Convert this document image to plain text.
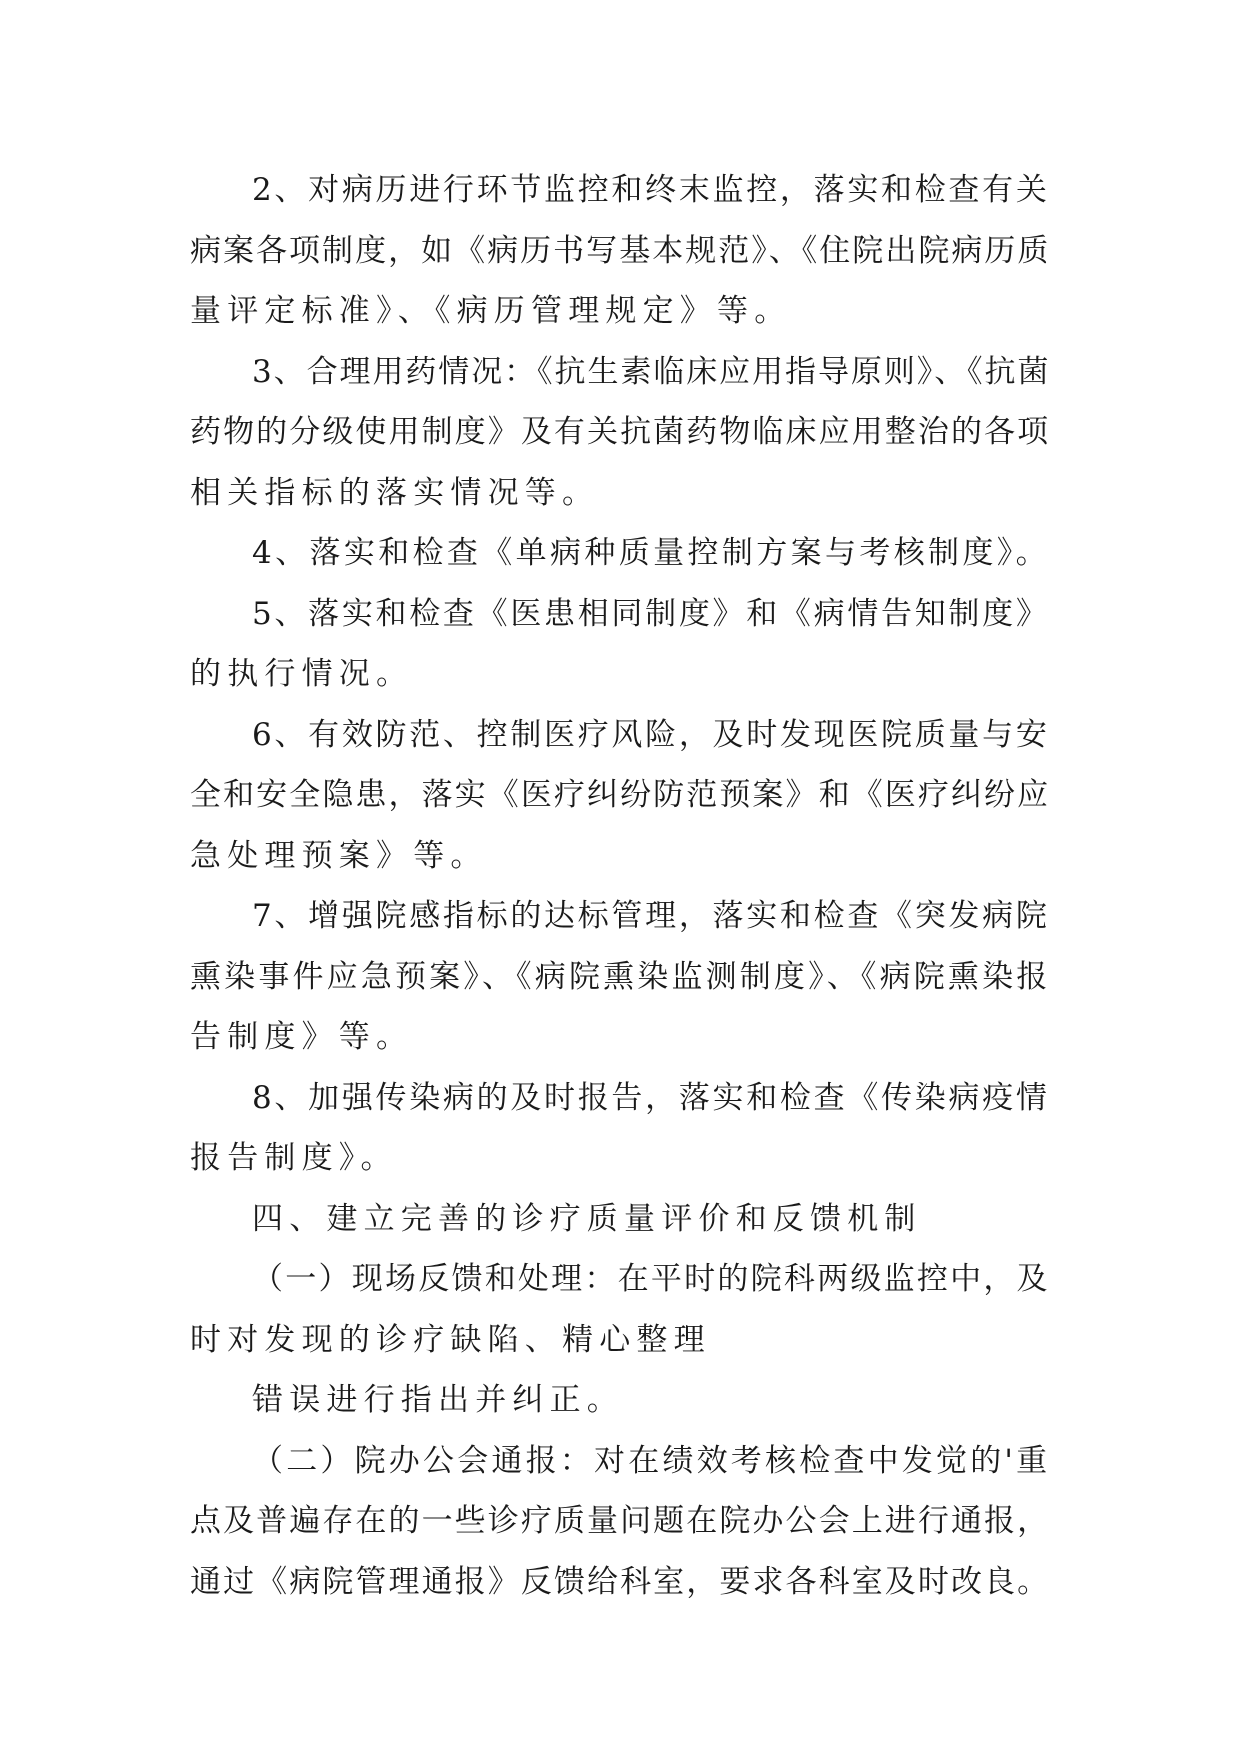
2、对病历进行环节监控和终末监控，落实和检查有关
病案各项制度，如《病历书写基本规范》、《住院出院病历质
量评定标准》、《病历管理规定》等。
3、合理用药情况：《抗生素临床应用指导原则》、《抗菌
药物的分级使用制度》及有关抗菌药物临床应用整治的各项
相关指标的落实情况等。
4、落实和检查《单病种质量控制方案与考核制度》。
5、落实和检查《医患相同制度》和《病情告知制度》
的执行情况。
6、有效防范、控制医疗风险，及时发现医院质量与安
全和安全隐患，落实《医疗纠纷防范预案》和《医疗纠纷应
急处理预案》等。
7、增强院感指标的达标管理，落实和检查《突发病院
熏染事件应急预案》、《病院熏染监测制度》、《病院熏染报
告制度》等。
8、加强传染病的及时报告，落实和检查《传染病疫情
报告制度》。
四、建立完善的诊疗质量评价和反馈机制
（一）现场反馈和处理：在平时的院科两级监控中，及
时对发现的诊疗缺陷、精心整理
错误进行指出并纠正。
（二）院办公会通报：对在绩效考核检查中发觉的'重
点及普遍存在的一些诊疗质量问题在院办公会上进行通报，
通过《病院管理通报》反馈给科室，要求各科室及时改良。
